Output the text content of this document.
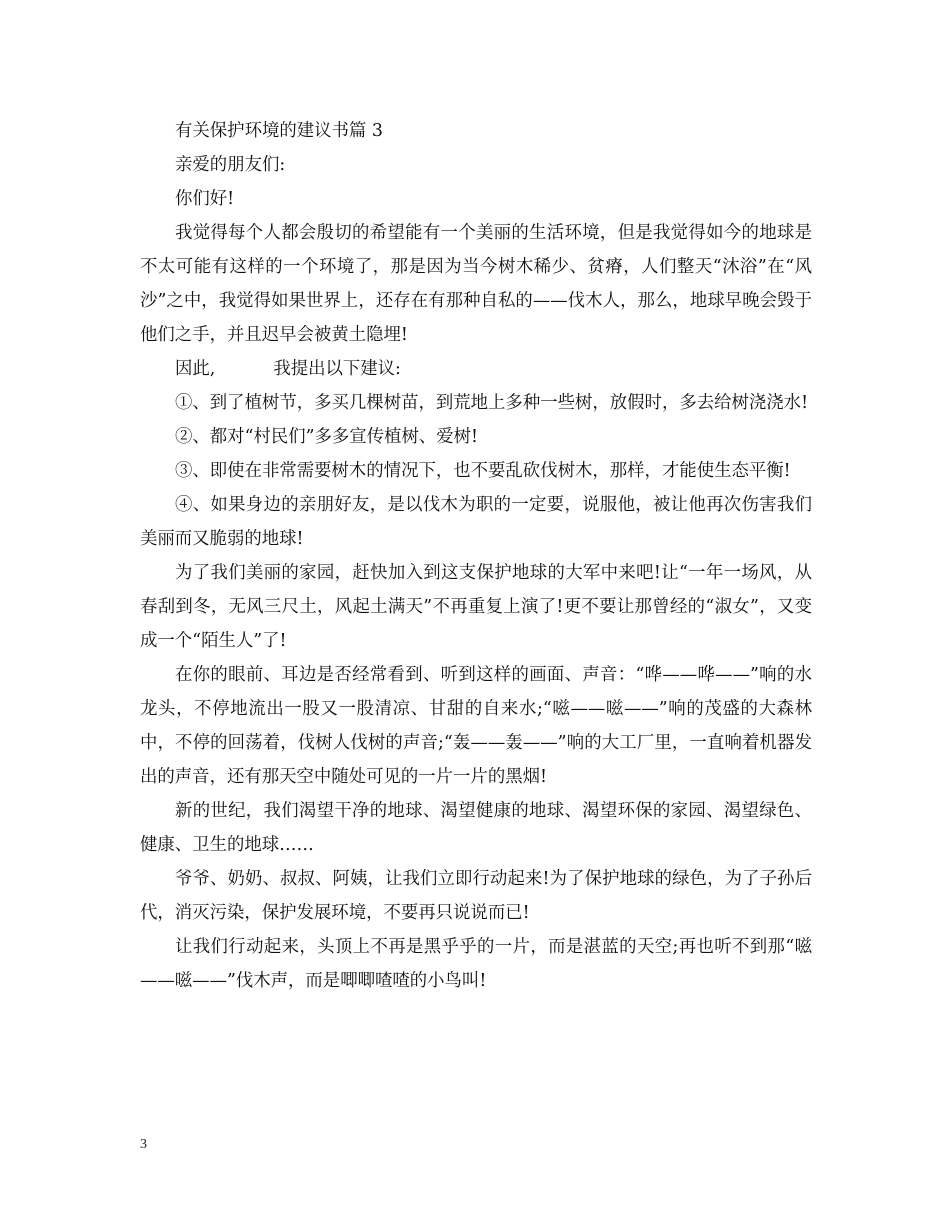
有关保护环境的建议书篇 3

亲爱的朋友们:

你们好!

我觉得每个人都会殷切的希望能有一个美丽的生活环境，但是我觉得如今的地球是不太可能有这样的一个环境了，那是因为当今树木稀少、贫瘠，人们整天“沐浴”在“风沙”之中，我觉得如果世界上，还存在有那种自私的——伐木人，那么，地球早晚会毁于他们之手，并且迟早会被黄土隐埋!

因此,	我提出以下建议:

①、到了植树节，多买几棵树苗，到荒地上多种一些树，放假时，多去给树浇浇水!

②、都对“村民们”多多宣传植树、爱树!

③、即使在非常需要树木的情况下，也不要乱砍伐树木，那样，才能使生态平衡!

④、如果身边的亲朋好友，是以伐木为职的一定要，说服他，被让他再次伤害我们美丽而又脆弱的地球!

为了我们美丽的家园，赶快加入到这支保护地球的大军中来吧!让“一年一场风，从春刮到冬，无风三尺土，风起土满天”不再重复上演了!更不要让那曾经的“淑女”，又变成一个“陌生人”了!

在你的眼前、耳边是否经常看到、听到这样的画面、声音：“哗——哗——”响的水龙头，不停地流出一股又一股清凉、甘甜的自来水;“嗞——嗞——”响的茂盛的大森林中，不停的回荡着，伐树人伐树的声音;“轰——轰——”响的大工厂里，一直响着机器发出的声音，还有那天空中随处可见的一片一片的黑烟!

新的世纪，我们渴望干净的地球、渴望健康的地球、渴望环保的家园、渴望绿色、健康、卫生的地球……

爷爷、奶奶、叔叔、阿姨，让我们立即行动起来!为了保护地球的绿色，为了子孙后代，消灭污染，保护发展环境，不要再只说说而已!

让我们行动起来，头顶上不再是黑乎乎的一片，而是湛蓝的天空;再也听不到那“嗞——嗞——”伐木声，而是唧唧喳喳的小鸟叫!

3
